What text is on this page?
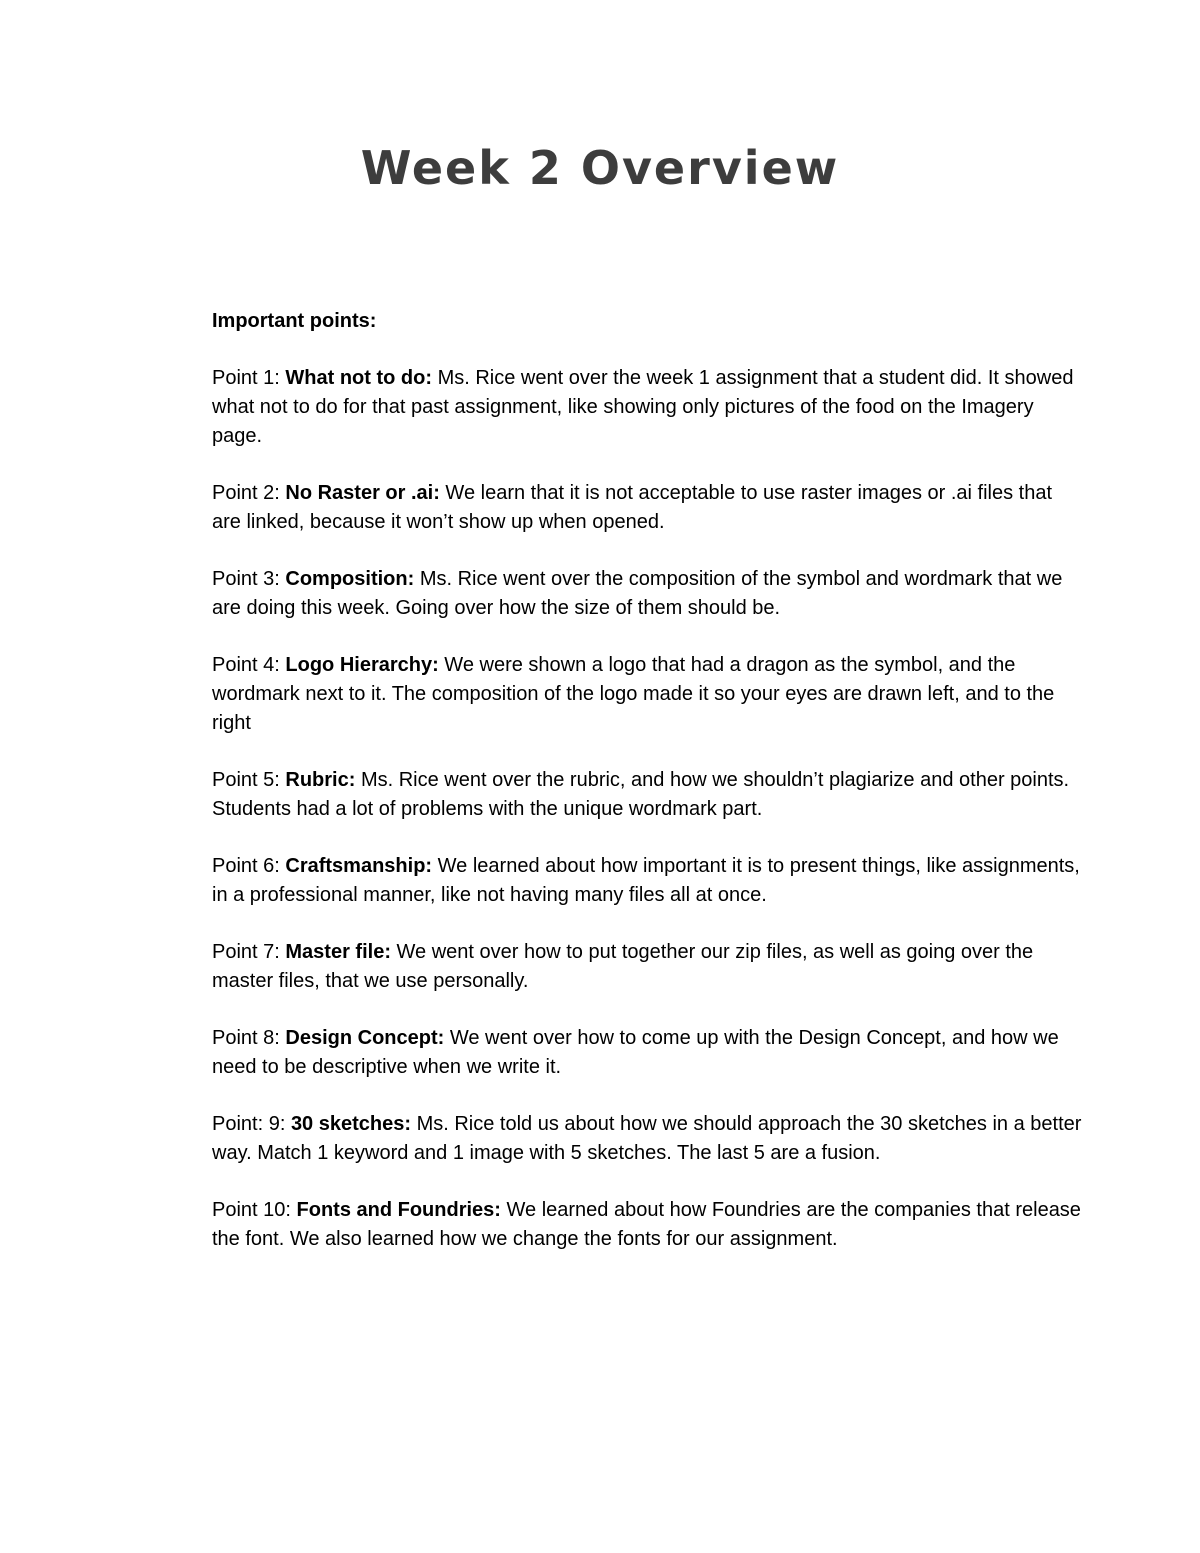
Week 2 Overview

Important points:

Point 1: What not to do: Ms. Rice went over the week 1 assignment that a student did. It showed what not to do for that past assignment, like showing only pictures of the food on the Imagery page.

Point 2: No Raster or .ai: We learn that it is not acceptable to use raster images or .ai files that are linked, because it won’t show up when opened.

Point 3: Composition: Ms. Rice went over the composition of the symbol and wordmark that we are doing this week. Going over how the size of them should be.

Point 4: Logo Hierarchy: We were shown a logo that had a dragon as the symbol, and the wordmark next to it. The composition of the logo made it so your eyes are drawn left, and to the right

Point 5: Rubric: Ms. Rice went over the rubric, and how we shouldn’t plagiarize and other points. Students had a lot of problems with the unique wordmark part.

Point 6: Craftsmanship: We learned about how important it is to present things, like assignments, in a professional manner, like not having many files all at once.

Point 7: Master file: We went over how to put together our zip files, as well as going over the master files, that we use personally.

Point 8: Design Concept: We went over how to come up with the Design Concept, and how we need to be descriptive when we write it.

Point: 9: 30 sketches: Ms. Rice told us about how we should approach the 30 sketches in a better way. Match 1 keyword and 1 image with 5 sketches. The last 5 are a fusion.

Point 10: Fonts and Foundries: We learned about how Foundries are the companies that release the font. We also learned how we change the fonts for our assignment.
